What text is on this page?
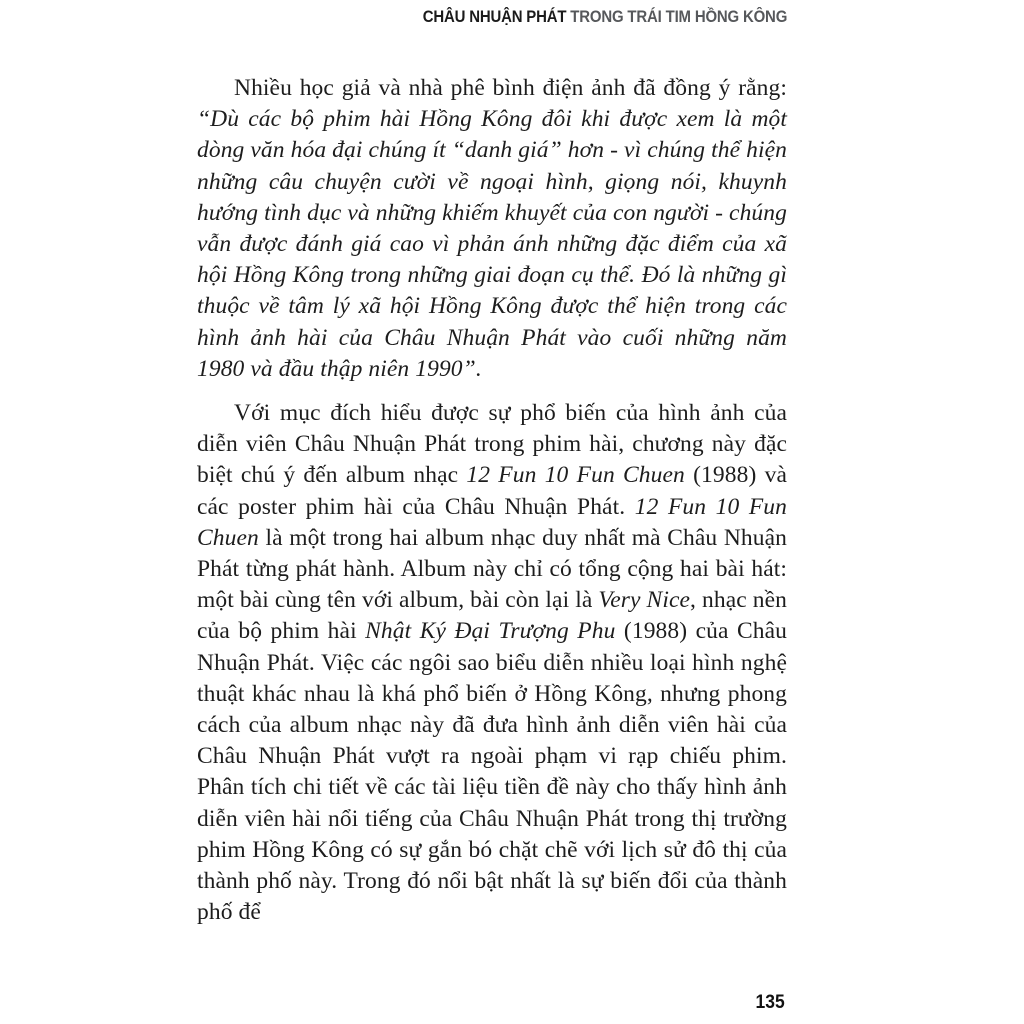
CHÂU NHUẬN PHÁT TRONG TRÁI TIM HỒNG KÔNG

Nhiều học giả và nhà phê bình điện ảnh đã đồng ý rằng: “Dù các bộ phim hài Hồng Kông đôi khi được xem là một dòng văn hóa đại chúng ít “danh giá” hơn - vì chúng thể hiện những câu chuyện cười về ngoại hình, giọng nói, khuynh hướng tình dục và những khiếm khuyết của con người - chúng vẫn được đánh giá cao vì phản ánh những đặc điểm của xã hội Hồng Kông trong những giai đoạn cụ thể. Đó là những gì thuộc về tâm lý xã hội Hồng Kông được thể hiện trong các hình ảnh hài của Châu Nhuận Phát vào cuối những năm 1980 và đầu thập niên 1990”.

Với mục đích hiểu được sự phổ biến của hình ảnh của diễn viên Châu Nhuận Phát trong phim hài, chương này đặc biệt chú ý đến album nhạc 12 Fun 10 Fun Chuen (1988) và các poster phim hài của Châu Nhuận Phát. 12 Fun 10 Fun Chuen là một trong hai album nhạc duy nhất mà Châu Nhuận Phát từng phát hành. Album này chỉ có tổng cộng hai bài hát: một bài cùng tên với album, bài còn lại là Very Nice, nhạc nền của bộ phim hài Nhật Ký Đại Trượng Phu (1988) của Châu Nhuận Phát. Việc các ngôi sao biểu diễn nhiều loại hình nghệ thuật khác nhau là khá phổ biến ở Hồng Kông, nhưng phong cách của album nhạc này đã đưa hình ảnh diễn viên hài của Châu Nhuận Phát vượt ra ngoài phạm vi rạp chiếu phim. Phân tích chi tiết về các tài liệu tiền đề này cho thấy hình ảnh diễn viên hài nổi tiếng của Châu Nhuận Phát trong thị trường phim Hồng Kông có sự gắn bó chặt chẽ với lịch sử đô thị của thành phố này. Trong đó nổi bật nhất là sự biến đổi của thành phố để

135
